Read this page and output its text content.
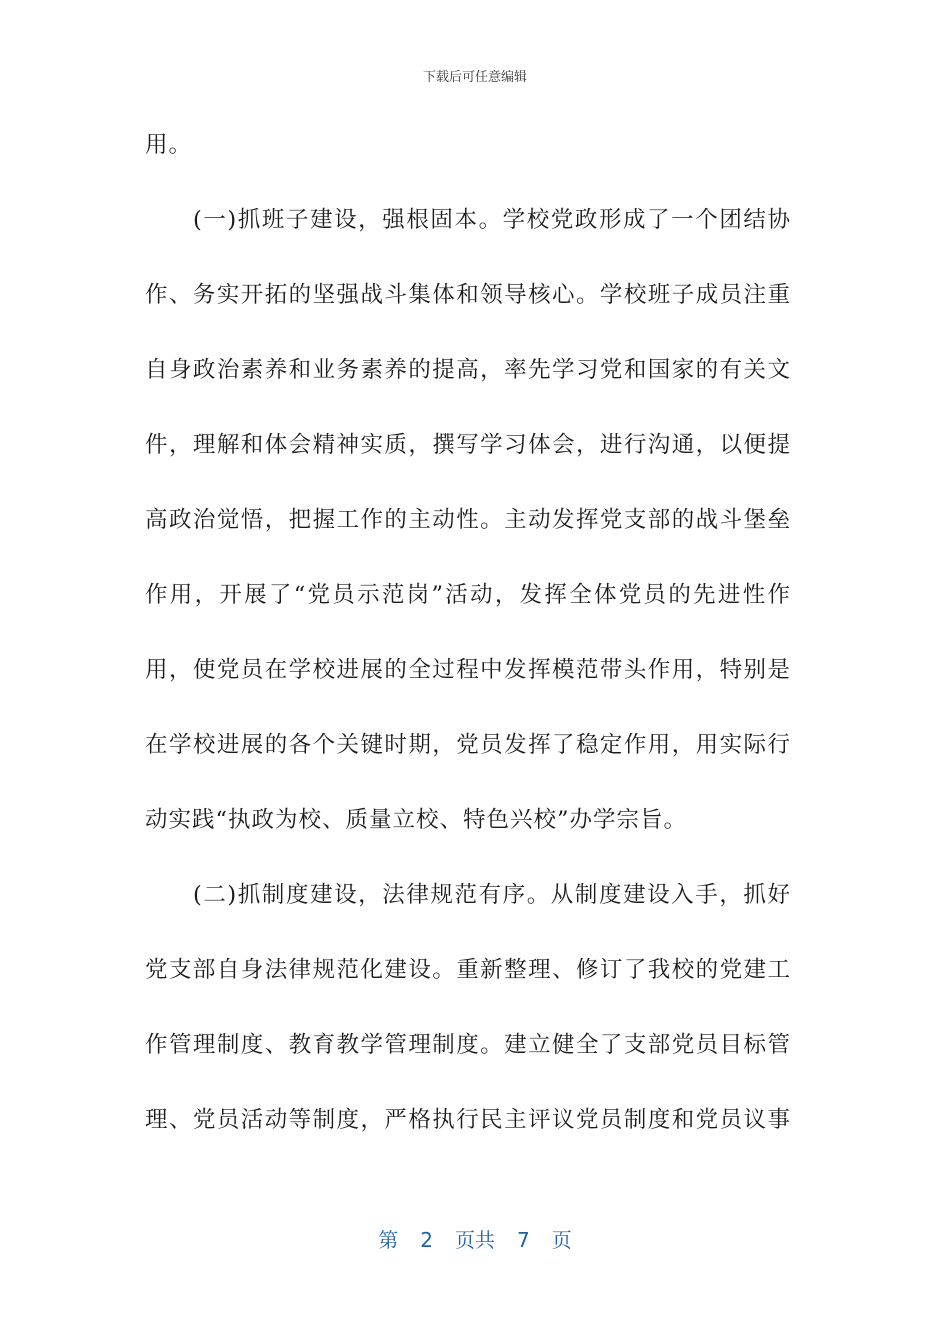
下载后可任意编辑
用。
(一)抓班子建设，强根固本。学校党政形成了一个团结协
作、务实开拓的坚强战斗集体和领导核心。学校班子成员注重
自身政治素养和业务素养的提高，率先学习党和国家的有关文
件，理解和体会精神实质，撰写学习体会，进行沟通，以便提
高政治觉悟，把握工作的主动性。主动发挥党支部的战斗堡垒
作用，开展了“党员示范岗”活动，发挥全体党员的先进性作
用，使党员在学校进展的全过程中发挥模范带头作用，特别是
在学校进展的各个关键时期，党员发挥了稳定作用，用实际行
动实践“执政为校、质量立校、特色兴校”办学宗旨。
(二)抓制度建设，法律规范有序。从制度建设入手，抓好
党支部自身法律规范化建设。重新整理、修订了我校的党建工
作管理制度、教育教学管理制度。建立健全了支部党员目标管
理、党员活动等制度，严格执行民主评议党员制度和党员议事
第 2 页共 7 页
